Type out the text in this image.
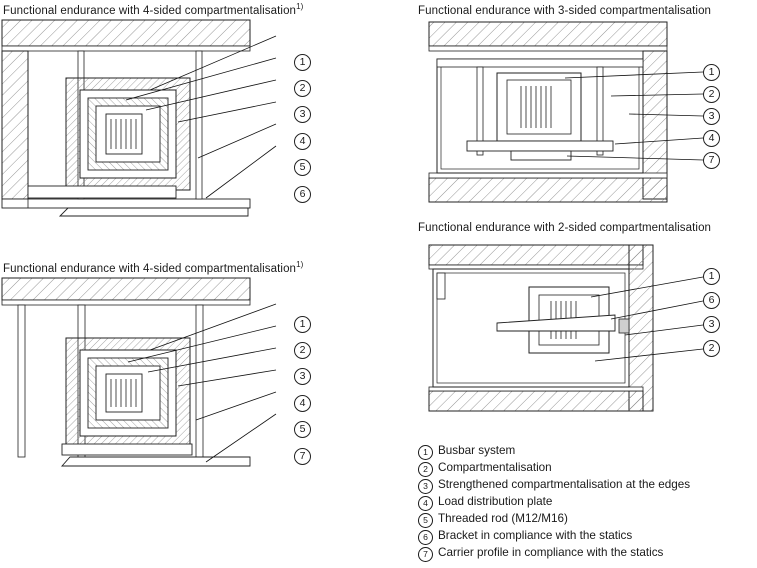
Functional endurance with 4-sided compartmentalisation$^{1)}$
1
2
3
4
5
6
Functional endurance with 3-sided compartmentalisation
1
2
3
4
7
Functional endurance with 4-sided compartmentalisation$^{1)}$
1
2
3
4
5
7
Functional endurance with 2-sided compartmentalisation
1
6
3
2
1 Busbar system
2 Compartmentalisation
3 Strengthened compartmentalisation at the edges
4 Load distribution plate
5 Threaded rod (M12/M16)
6 Bracket in compliance with the statics
7 Carrier profile in compliance with the statics
